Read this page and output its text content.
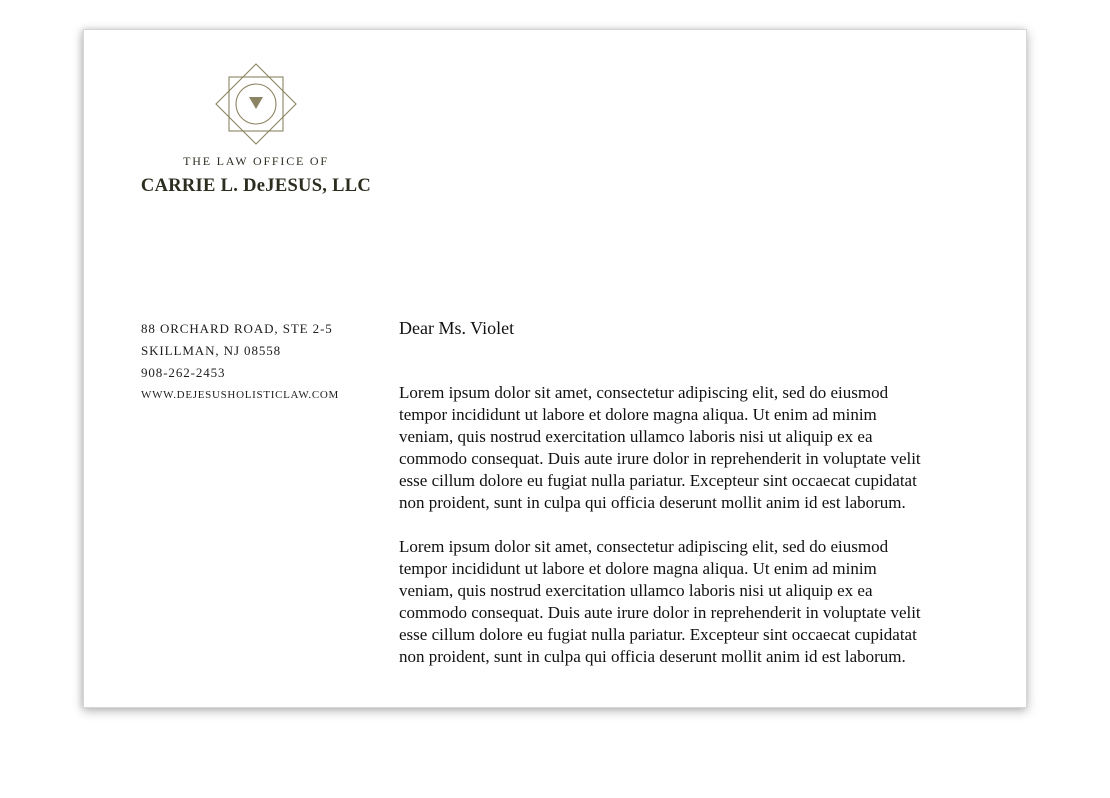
THE LAW OFFICE OF
CARRIE L. DeJESUS, LLC
88 ORCHARD ROAD, STE 2-5
SKILLMAN, NJ 08558
908-262-2453
WWW.DEJESUSHOLISTICLAW.COM
Dear Ms. Violet

Lorem ipsum dolor sit amet, consectetur adipiscing elit, sed do eiusmod tempor incididunt ut labore et dolore magna aliqua. Ut enim ad minim veniam, quis nostrud exercitation ullamco laboris nisi ut aliquip ex ea commodo consequat. Duis aute irure dolor in reprehenderit in voluptate velit esse cillum dolore eu fugiat nulla pariatur. Excepteur sint occaecat cupidatat non proident, sunt in culpa qui officia deserunt mollit anim id est laborum.

Lorem ipsum dolor sit amet, consectetur adipiscing elit, sed do eiusmod tempor incididunt ut labore et dolore magna aliqua. Ut enim ad minim veniam, quis nostrud exercitation ullamco laboris nisi ut aliquip ex ea commodo consequat. Duis aute irure dolor in reprehenderit in voluptate velit esse cillum dolore eu fugiat nulla pariatur. Excepteur sint occaecat cupidatat non proident, sunt in culpa qui officia deserunt mollit anim id est laborum.
